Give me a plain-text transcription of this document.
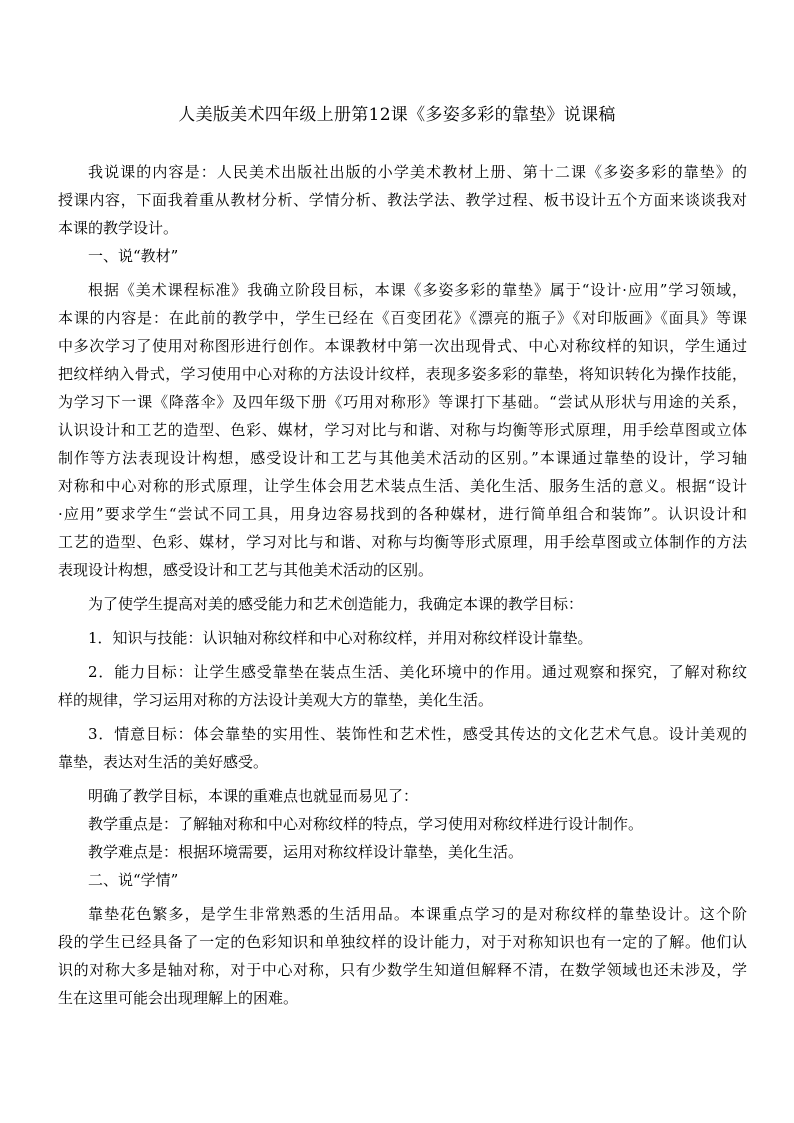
人美版美术四年级上册第12课《多姿多彩的靠垫》说课稿
我说课的内容是：人民美术出版社出版的小学美术教材上册、第十二课《多姿多彩的靠垫》的
授课内容，下面我着重从教材分析、学情分析、教法学法、教学过程、板书设计五个方面来谈谈我对
本课的教学设计。
一、说“教材”
根据《美术课程标准》我确立阶段目标，本课《多姿多彩的靠垫》属于“设计·应用”学习领域，
本课的内容是：在此前的教学中，学生已经在《百变团花》《漂亮的瓶子》《对印版画》《面具》等课
中多次学习了使用对称图形进行创作。本课教材中第一次出现骨式、中心对称纹样的知识，学生通过
把纹样纳入骨式，学习使用中心对称的方法设计纹样，表现多姿多彩的靠垫，将知识转化为操作技能，
为学习下一课《降落伞》及四年级下册《巧用对称形》等课打下基础。“尝试从形状与用途的关系，
认识设计和工艺的造型、色彩、媒材，学习对比与和谐、对称与均衡等形式原理，用手绘草图或立体
制作等方法表现设计构想，感受设计和工艺与其他美术活动的区别。”本课通过靠垫的设计，学习轴
对称和中心对称的形式原理，让学生体会用艺术装点生活、美化生活、服务生活的意义。根据“设计
·应用”要求学生“尝试不同工具，用身边容易找到的各种媒材，进行简单组合和装饰”。认识设计和
工艺的造型、色彩、媒材，学习对比与和谐、对称与均衡等形式原理，用手绘草图或立体制作的方法
表现设计构想，感受设计和工艺与其他美术活动的区别。
为了使学生提高对美的感受能力和艺术创造能力，我确定本课的教学目标：
1．知识与技能：认识轴对称纹样和中心对称纹样，并用对称纹样设计靠垫。
2．能力目标：让学生感受靠垫在装点生活、美化环境中的作用。通过观察和探究，了解对称纹
样的规律，学习运用对称的方法设计美观大方的靠垫，美化生活。
3．情意目标：体会靠垫的实用性、装饰性和艺术性，感受其传达的文化艺术气息。设计美观的
靠垫，表达对生活的美好感受。
明确了教学目标，本课的重难点也就显而易见了：
教学重点是：了解轴对称和中心对称纹样的特点，学习使用对称纹样进行设计制作。
教学难点是：根据环境需要，运用对称纹样设计靠垫，美化生活。
二、说“学情”
靠垫花色繁多，是学生非常熟悉的生活用品。本课重点学习的是对称纹样的靠垫设计。这个阶
段的学生已经具备了一定的色彩知识和单独纹样的设计能力，对于对称知识也有一定的了解。他们认
识的对称大多是轴对称，对于中心对称，只有少数学生知道但解释不清，在数学领域也还未涉及，学
生在这里可能会出现理解上的困难。
